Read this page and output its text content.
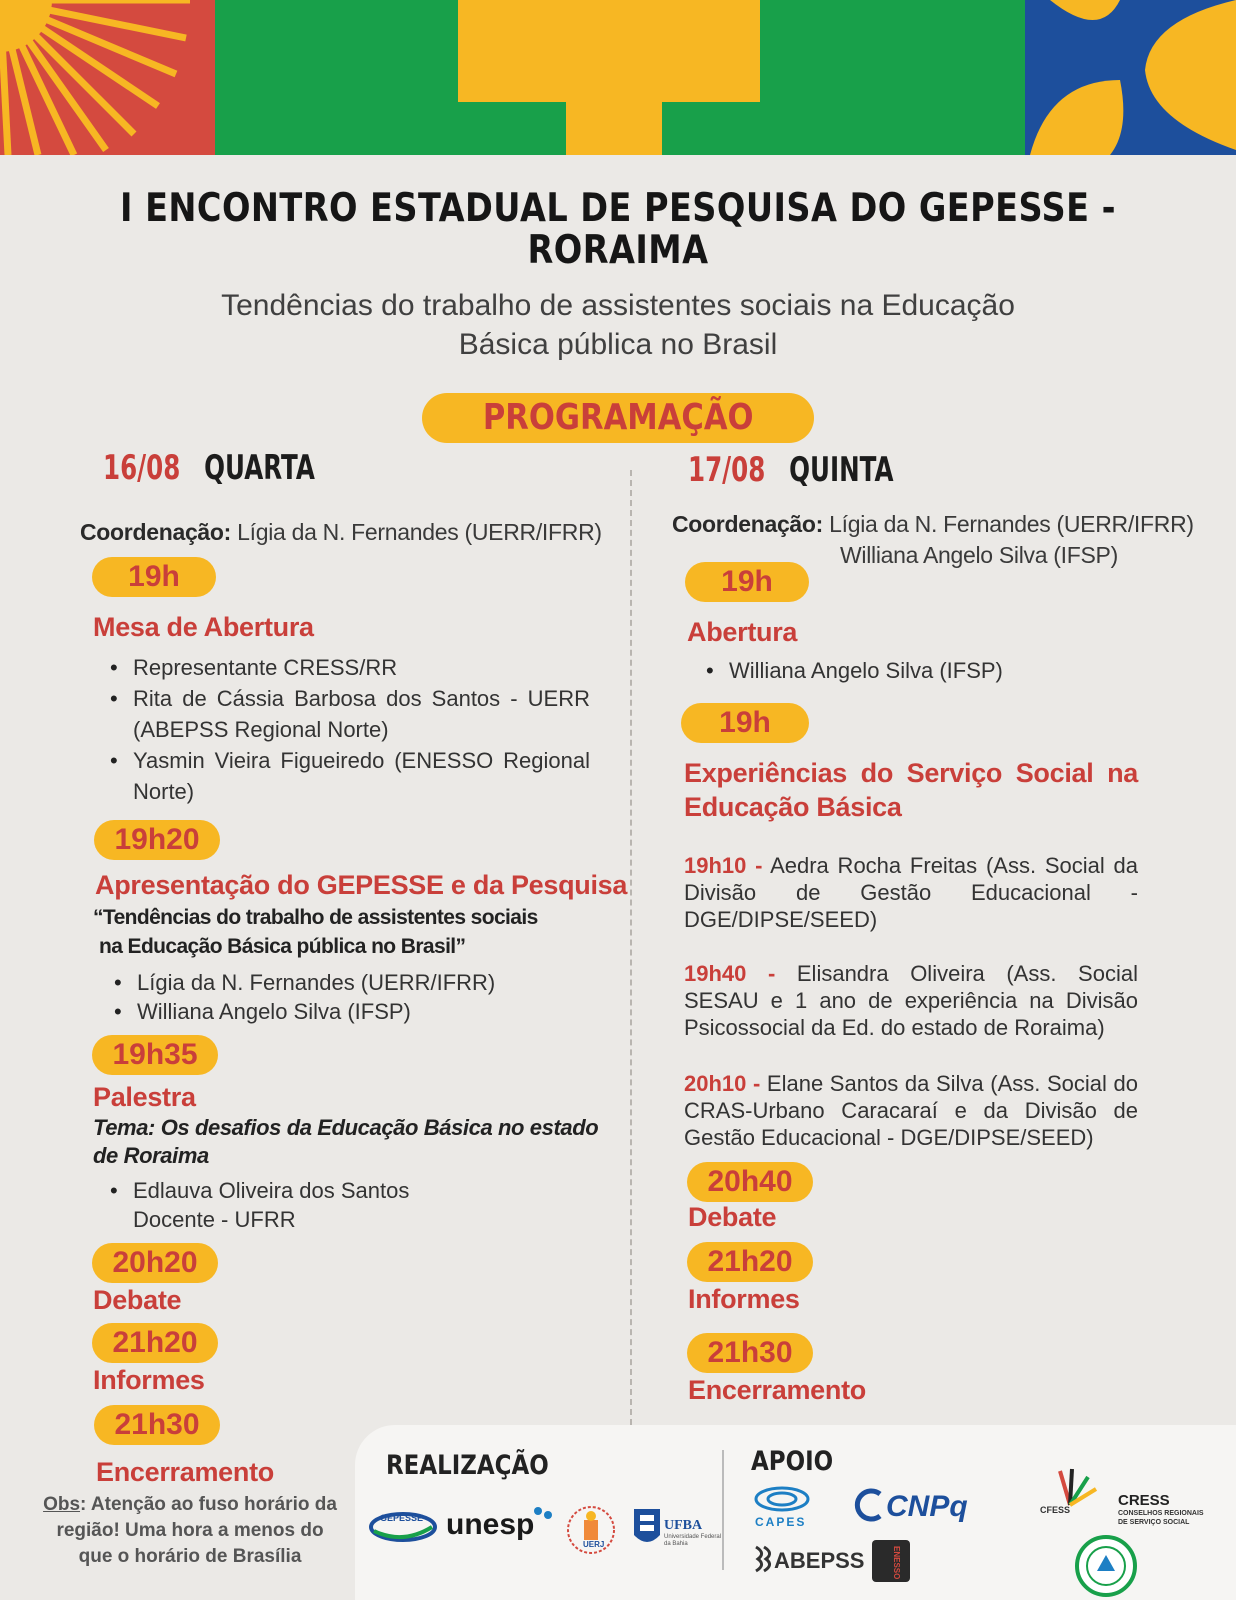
I ENCONTRO ESTADUAL DE PESQUISA DO GEPESSE -
RORAIMA
Tendências do trabalho de assistentes sociais na Educação
Básica pública no Brasil
PROGRAMAÇÃO
16/08 QUARTA
Coordenação: Lígia da N. Fernandes (UERR/IFRR)
19h
Mesa de Abertura
• Representante CRESS/RR
• Rita de Cássia Barbosa dos Santos - UERR (ABEPSS Regional Norte)
• Yasmin Vieira Figueiredo (ENESSO Regional Norte)
19h20
Apresentação do GEPESSE e da Pesquisa
“Tendências do trabalho de assistentes sociais
na Educação Básica pública no Brasil”
• Lígia da N. Fernandes (UERR/IFRR)
• Williana Angelo Silva (IFSP)
19h35
Palestra
Tema: Os desafios da Educação Básica no estado de Roraima
• Edlauva Oliveira dos Santos
Docente - UFRR
20h20
Debate
21h20
Informes
21h30
Encerramento
17/08 QUINTA
Coordenação: Lígia da N. Fernandes (UERR/IFRR)
Williana Angelo Silva (IFSP)
19h
Abertura
• Williana Angelo Silva (IFSP)
19h
Experiências do Serviço Social na Educação Básica
19h10 - Aedra Rocha Freitas (Ass. Social da Divisão de Gestão Educacional - DGE/DIPSE/SEED)
19h40 - Elisandra Oliveira (Ass. Social SESAU e 1 ano de experiência na Divisão Psicossocial da Ed. do estado de Roraima)
20h10 - Elane Santos da Silva (Ass. Social do CRAS-Urbano Caracaraí e da Divisão de Gestão Educacional - DGE/DIPSE/SEED)
20h40
Debate
21h20
Informes
21h30
Encerramento
Obs: Atenção ao fuso horário da região! Uma hora a menos do que o horário de Brasília
REALIZAÇÃO	APOIO
GEPESSE unesp
UERJ
UFBA
Universidade Federal da Bahia
CAPES	CNPq
ABEPSS	ENESSO
CFESS
CRESS
CONSELHOS REGIONAIS
DE SERVIÇO SOCIAL
